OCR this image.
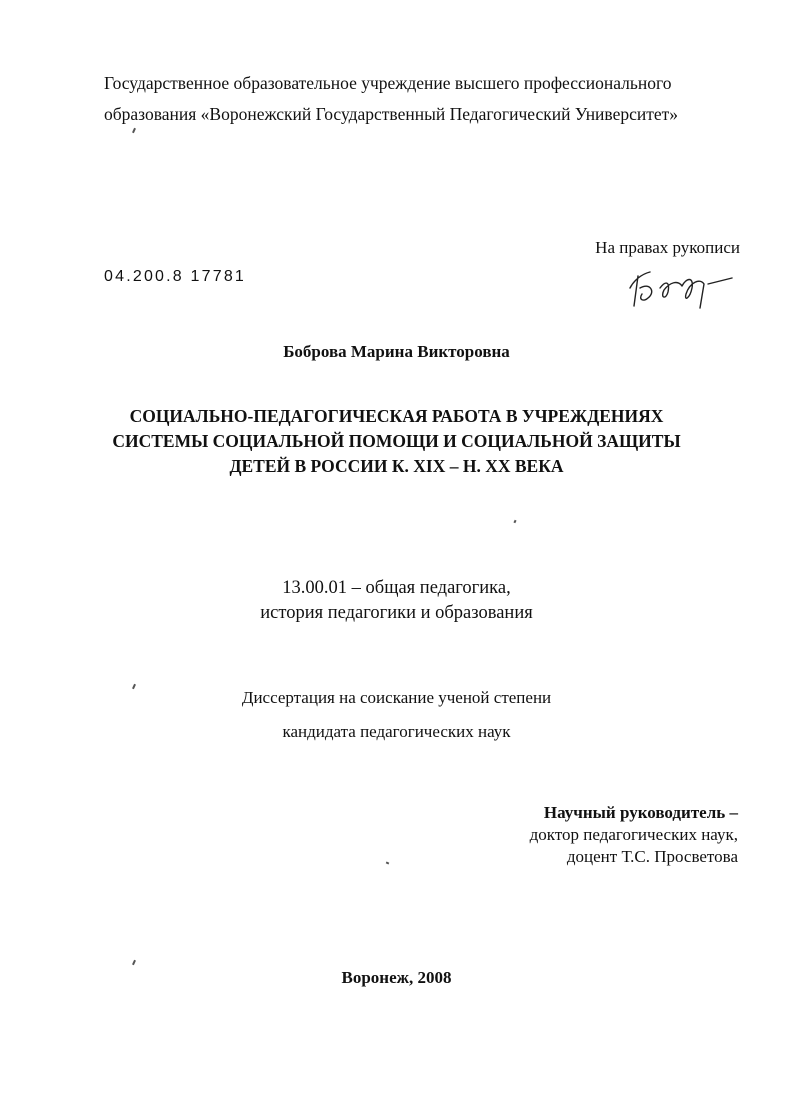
Государственное образовательное учреждение высшего профессионального
образования «Воронежский Государственный Педагогический Университет»
На правах рукописи
04.200.8 17781
Боброва Марина Викторовна
СОЦИАЛЬНО-ПЕДАГОГИЧЕСКАЯ РАБОТА В УЧРЕЖДЕНИЯХ
СИСТЕМЫ СОЦИАЛЬНОЙ ПОМОЩИ И СОЦИАЛЬНОЙ ЗАЩИТЫ
ДЕТЕЙ В РОССИИ К. XIX – Н. XX ВЕКА
13.00.01 – общая педагогика,
история педагогики и образования
Диссертация на соискание ученой степени
кандидата педагогических наук
Научный руководитель –
доктор педагогических наук,
доцент Т.С. Просветова
Воронеж, 2008
